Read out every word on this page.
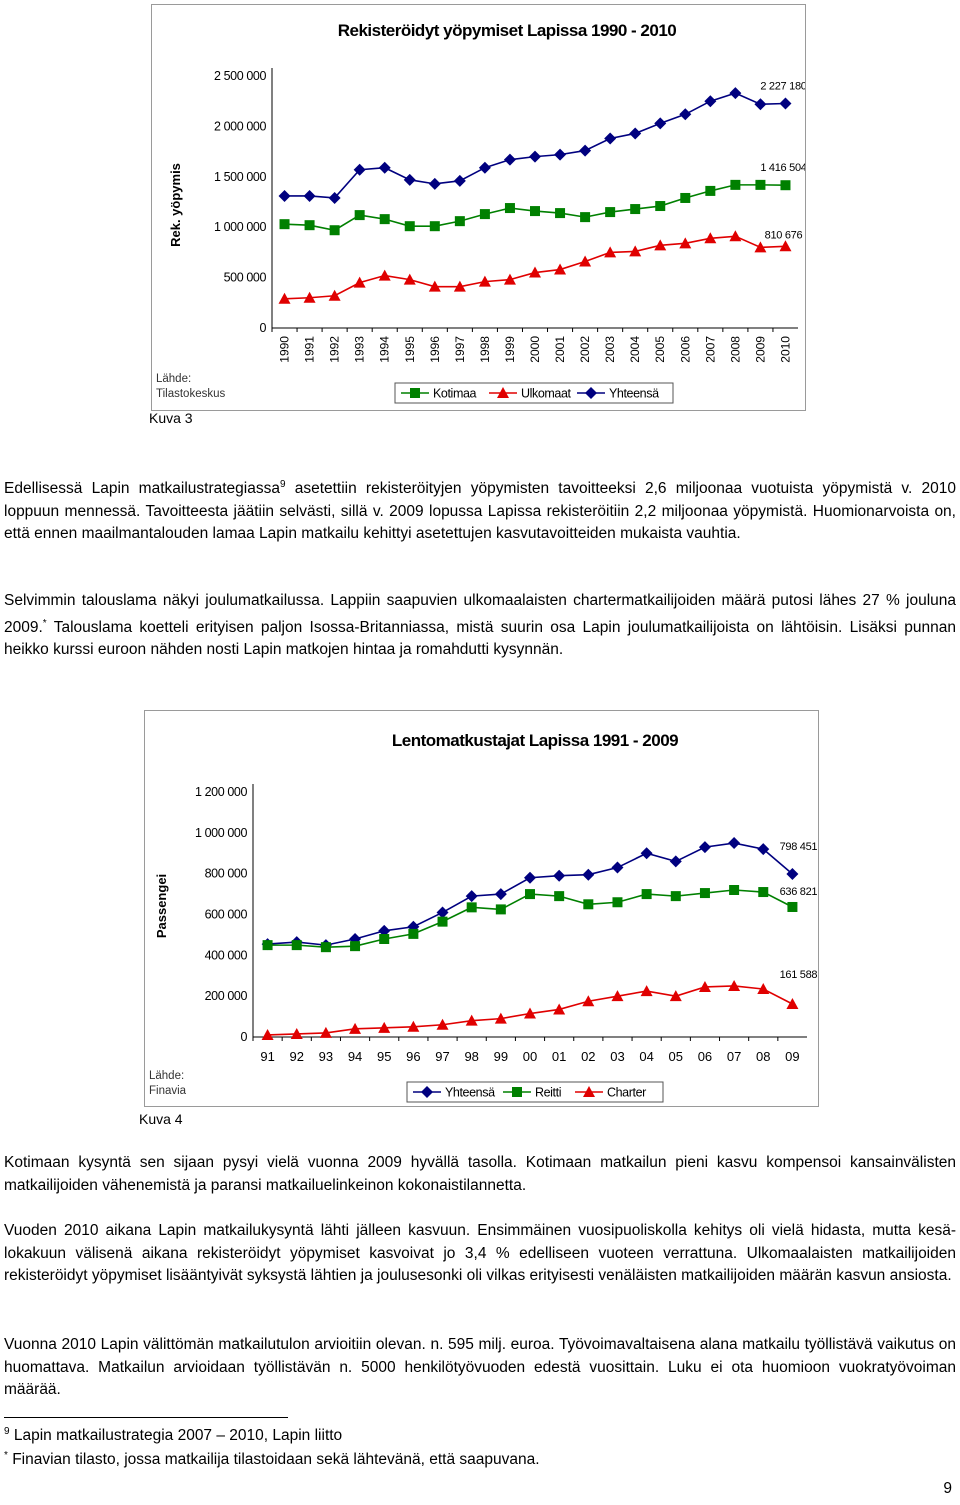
Rekisteröidyt yöpymiset Lapissa 1990 - 2010
0
500 000
1 000 000
1 500 000
2 000 000
2 500 000
Rek. yöpymis
1990 1991 1992 1993 1994 1995 1996 1997 1998 1999 2000 2001 2002 2003 2004 2005 2006 2007 2008 2009 2010
1 416 504
810 676
2 227 180
Lähde:
Tilastokeskus	Kotimaa	Ulkomaat	Yhteensä
Kuva 3

Edellisessä Lapin matkailustrategiassa$^9$ asetettiin rekisteröityjen yöpymisten tavoitteeksi 2,6 miljoonaa vuotuista yöpymistä v. 2010 loppuun mennessä. Tavoitteesta jäätiin selvästi, sillä v. 2009 lopussa Lapissa rekisteröitiin 2,2 miljoonaa yöpymistä. Huomionarvoista on, että ennen maailmantalouden lamaa Lapin matkailu kehittyi asetettujen kasvutavoitteiden mukaista vauhtia.

Selvimmin talouslama näkyi joulumatkailussa. Lappiin saapuvien ulkomaalaisten chartermatkailijoiden määrä putosi lähes 27 % jouluna 2009.* Talouslama koetteli erityisen paljon Isossa-Britanniassa, mistä suurin osa Lapin joulumatkailijoista on lähtöisin. Lisäksi punnan heikko kurssi euroon nähden nosti Lapin matkojen hintaa ja romahdutti kysynnän.

Lentomatkustajat Lapissa 1991 - 2009
0
200 000
400 000
600 000
800 000
1 000 000
1 200 000
Passengei
91 92 93 94 95 96 97 98 99 00 01 02 03 04 05 06 07 08 09
798 451
636 821
161 588
Lähde:
Finavia	Yhteensä	Reitti	Charter
Kuva 4

Kotimaan kysyntä sen sijaan pysyi vielä vuonna 2009 hyvällä tasolla. Kotimaan matkailun pieni kasvu kompensoi kansainvälisten matkailijoiden vähenemistä ja paransi matkailuelinkeinon kokonaistilannetta.

Vuoden 2010 aikana Lapin matkailukysyntä lähti jälleen kasvuun. Ensimmäinen vuosipuoliskolla kehitys oli vielä hidasta, mutta kesä-lokakuun välisenä aikana rekisteröidyt yöpymiset kasvoivat jo 3,4 % edelliseen vuoteen verrattuna. Ulkomaalaisten matkailijoiden rekisteröidyt yöpymiset lisääntyivät syksystä lähtien ja joulusesonki oli vilkas erityisesti venäläisten matkailijoiden määrän kasvun ansiosta.

Vuonna 2010 Lapin välittömän matkailutulon arvioitiin olevan. n. 595 milj. euroa. Työvoimavaltaisena alana matkailu työllistävä vaikutus on huomattava. Matkailun arvioidaan työllistävän n. 5000 henkilötyövuoden edestä vuosittain. Luku ei ota huomioon vuokratyövoiman määrää.

$^9$ Lapin matkailustrategia 2007 – 2010, Lapin liitto
* Finavian tilasto, jossa matkailija tilastoidaan sekä lähtevänä, että saapuvana.
9
